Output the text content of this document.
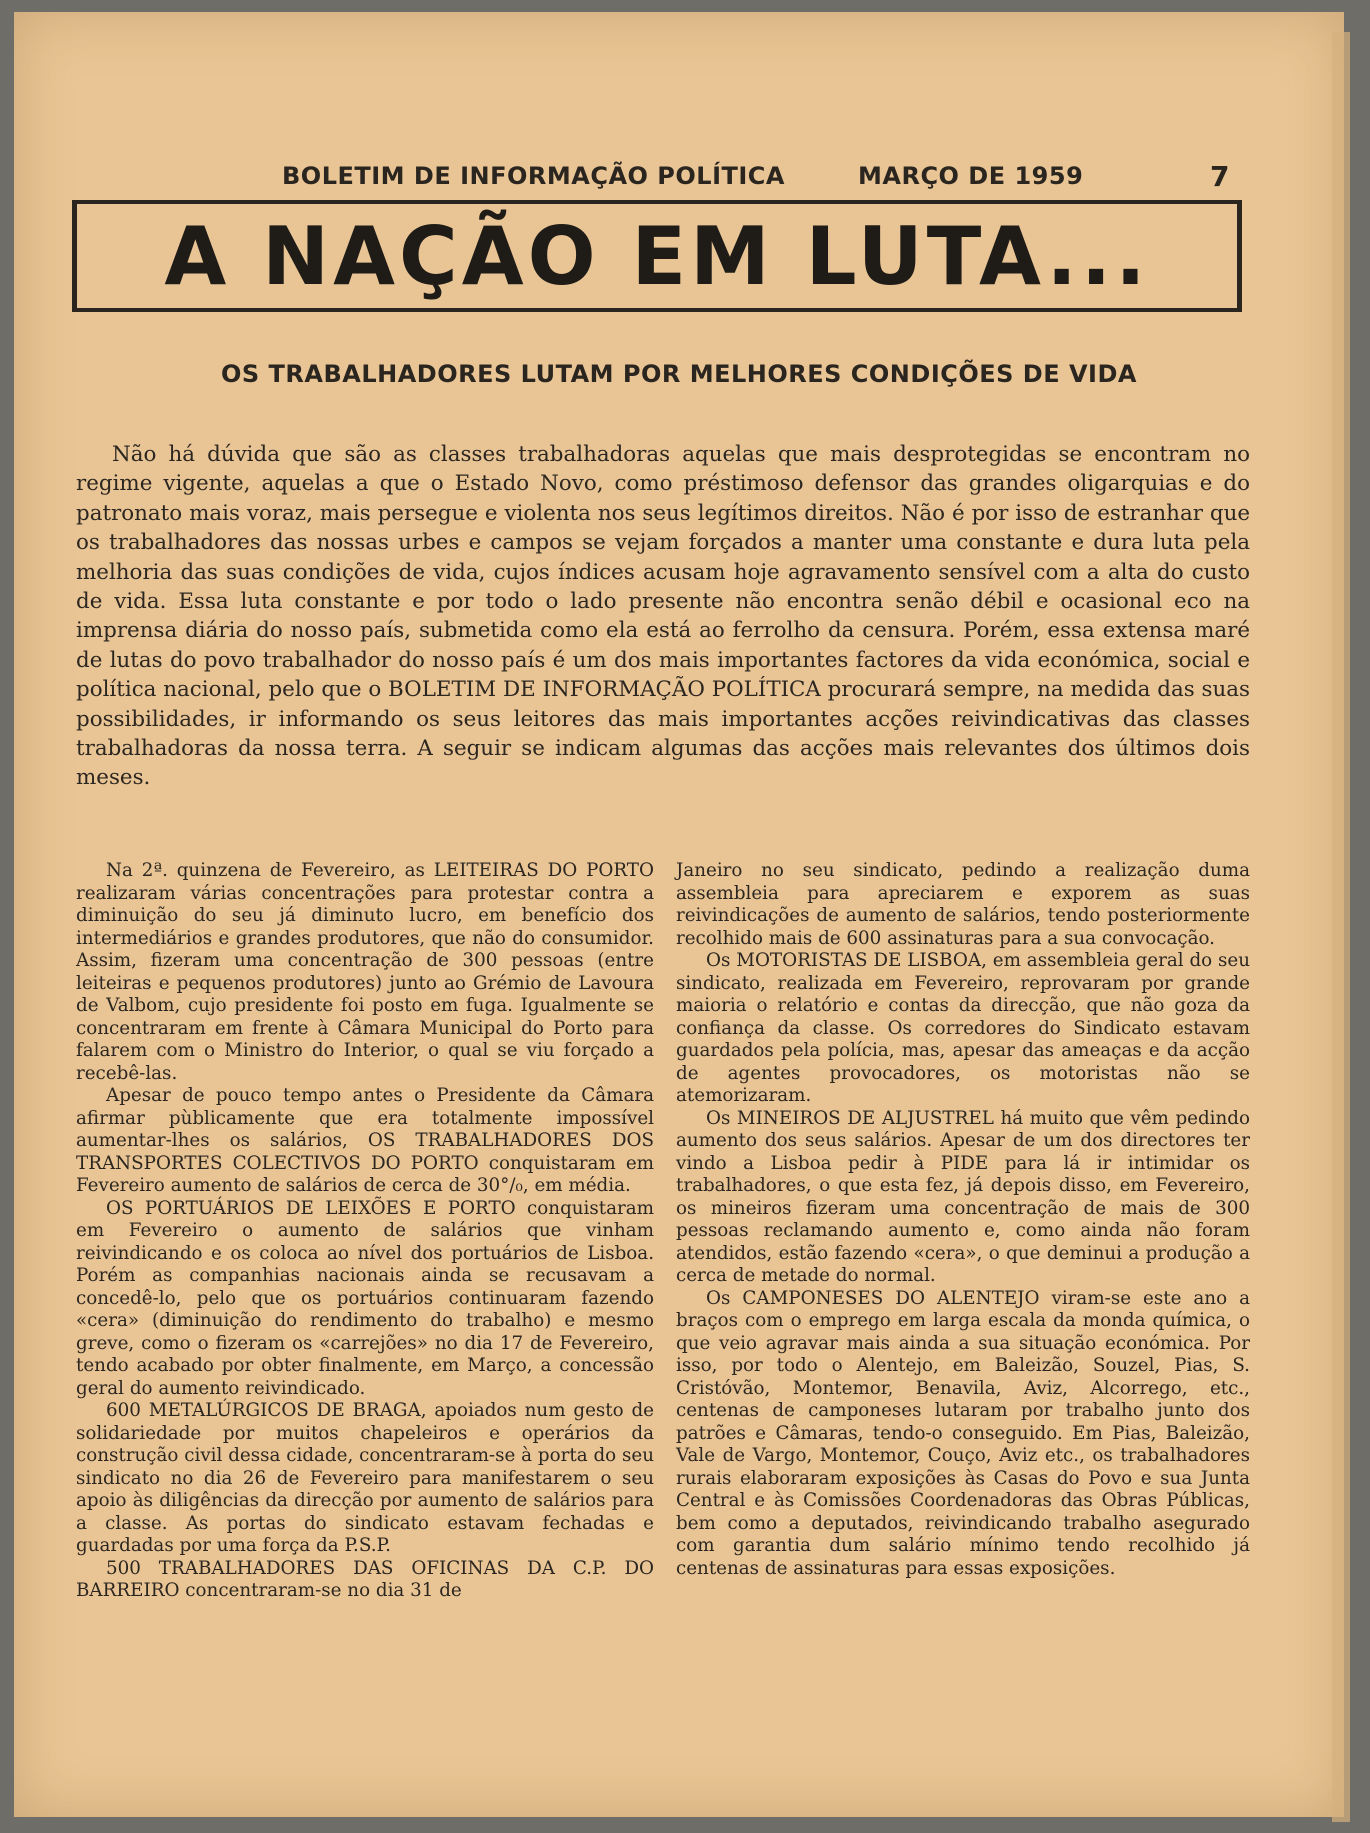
BOLETIM DE INFORMAÇÃO POLÍTICA	MARÇO DE 1959	7
A NAÇÃO EM LUTA...
OS TRABALHADORES LUTAM POR MELHORES CONDIÇÕES DE VIDA

Não há dúvida que são as classes trabalhadoras aquelas que mais desprotegidas se encontram no regime vigente, aquelas a que o Estado Novo, como préstimoso defensor das grandes oligarquias e do patronato mais voraz, mais persegue e violenta nos seus legítimos direitos. Não é por isso de estranhar que os trabalhadores das nossas urbes e campos se vejam forçados a manter uma constante e dura luta pela melhoria das suas condições de vida, cujos índices acusam hoje agravamento sensível com a alta do custo de vida. Essa luta constante e por todo o lado presente não encontra senão débil e ocasional eco na imprensa diária do nosso país, submetida como ela está ao ferrolho da censura. Porém, essa extensa maré de lutas do povo trabalhador do nosso país é um dos mais importantes factores da vida económica, social e política nacional, pelo que o BOLETIM DE INFORMAÇÃO POLÍTICA procurará sempre, na medida das suas possibilidades, ir informando os seus leitores das mais importantes acções reivindicativas das classes trabalhadoras da nossa terra. A seguir se indicam algumas das acções mais relevantes dos últimos dois meses.

Na 2ª. quinzena de Fevereiro, as LEITEIRAS DO PORTO realizaram várias concentrações para protestar contra a diminuição do seu já diminuto lucro, em benefício dos intermediários e grandes produtores, que não do consumidor. Assim, fizeram uma concentração de 300 pessoas (entre leiteiras e pequenos produtores) junto ao Grémio de Lavoura de Valbom, cujo presidente foi posto em fuga. Igualmente se concentraram em frente à Câmara Municipal do Porto para falarem com o Ministro do Interior, o qual se viu forçado a recebê-las.

Apesar de pouco tempo antes o Presidente da Câmara afirmar pùblicamente que era totalmente impossível aumentar-lhes os salários, OS TRABALHADORES DOS TRANSPORTES COLECTIVOS DO PORTO conquistaram em Fevereiro aumento de salários de cerca de 30°/₀, em média.

OS PORTUÁRIOS DE LEIXÕES E PORTO conquistaram em Fevereiro o aumento de salários que vinham reivindicando e os coloca ao nível dos portuários de Lisboa. Porém as companhias nacionais ainda se recusavam a concedê-lo, pelo que os portuários continuaram fazendo «cera» (diminuição do rendimento do trabalho) e mesmo greve, como o fizeram os «carrejões» no dia 17 de Fevereiro, tendo acabado por obter finalmente, em Março, a concessão geral do aumento reivindicado.

600 METALÚRGICOS DE BRAGA, apoiados num gesto de solidariedade por muitos chapeleiros e operários da construção civil dessa cidade, concentraram-se à porta do seu sindicato no dia 26 de Fevereiro para manifestarem o seu apoio às diligências da direcção por aumento de salários para a classe. As portas do sindicato estavam fechadas e guardadas por uma força da P.S.P.

500 TRABALHADORES DAS OFICINAS DA C.P. DO BARREIRO concentraram-se no dia 31 de

Janeiro no seu sindicato, pedindo a realização duma assembleia para apreciarem e exporem as suas reivindicações de aumento de salários, tendo posteriormente recolhido mais de 600 assinaturas para a sua convocação.

Os MOTORISTAS DE LISBOA, em assembleia geral do seu sindicato, realizada em Fevereiro, reprovaram por grande maioria o relatório e contas da direcção, que não goza da confiança da classe. Os corredores do Sindicato estavam guardados pela polícia, mas, apesar das ameaças e da acção de agentes provocadores, os motoristas não se atemorizaram.

Os MINEIROS DE ALJUSTREL há muito que vêm pedindo aumento dos seus salários. Apesar de um dos directores ter vindo a Lisboa pedir à PIDE para lá ir intimidar os trabalhadores, o que esta fez, já depois disso, em Fevereiro, os mineiros fizeram uma concentração de mais de 300 pessoas reclamando aumento e, como ainda não foram atendidos, estão fazendo «cera», o que deminui a produção a cerca de metade do normal.

Os CAMPONESES DO ALENTEJO viram-se este ano a braços com o emprego em larga escala da monda química, o que veio agravar mais ainda a sua situação económica. Por isso, por todo o Alentejo, em Baleizão, Souzel, Pias, S. Cristóvão, Montemor, Benavila, Aviz, Alcorrego, etc., centenas de camponeses lutaram por trabalho junto dos patrões e Câmaras, tendo-o conseguido. Em Pias, Baleizão, Vale de Vargo, Montemor, Couço, Aviz etc., os trabalhadores rurais elaboraram exposições às Casas do Povo e sua Junta Central e às Comissões Coordenadoras das Obras Públicas, bem como a deputados, reivindicando trabalho asegurado com garantia dum salário mínimo tendo recolhido já centenas de assinaturas para essas exposições.
